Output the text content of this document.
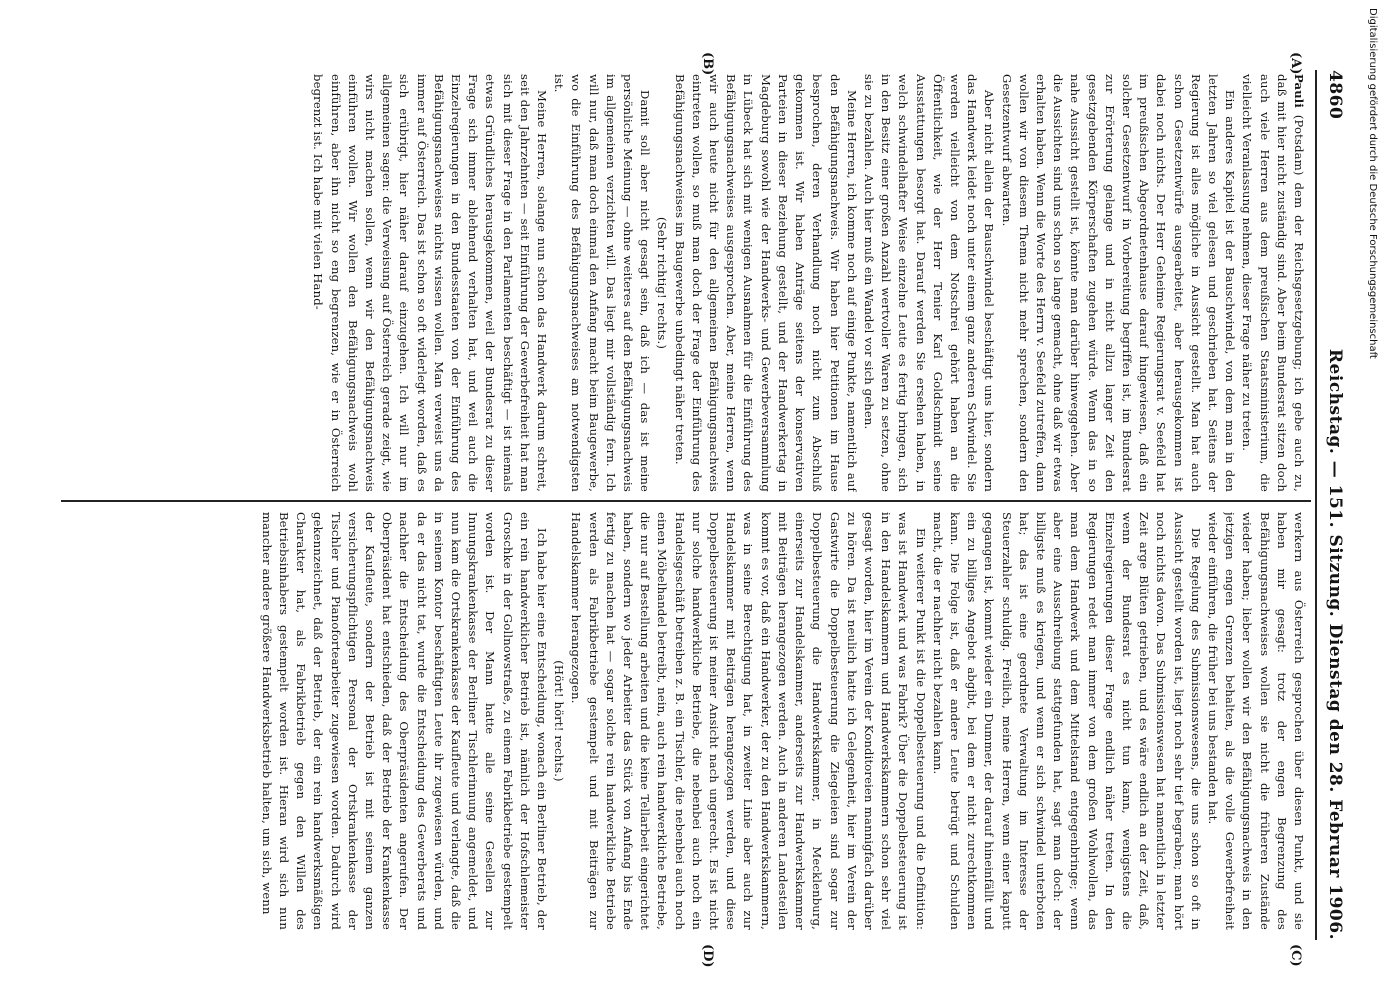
Digitalisierung gefördert durch die Deutsche Forschungsgemeinschaft
4860
Reichstag. — 151. Sitzung. Dienstag den 28. Februar 1906.
(A)
(B)
(C)
(D)

Pauli (Potsdam) dem der Reichsgesetzgebung; ich gebe auch zu, daß mit hier nicht zuständig sind. Aber beim Bundesrat sitzen doch auch viele Herren aus dem preußischen Staatsministerium, die vielleicht Veranlassung nehmen, dieser Frage näher zu treten.

Ein anderes Kapitel ist der Bauschwindel, von dem man in den letzten Jahren so viel gelesen und geschrieben hat. Seitens der Regierung ist alles mögliche in Aussicht gestellt. Man hat auch schon Gesetzentwürfe ausgearbeitet, aber herausgekommen ist dabei noch nichts. Der Herr Geheime Regierungsrat v. Seefeld hat im preußischen Abgeordnetenhause darauf hingewiesen, daß ein solcher Gesetzentwurf in Vorbereitung begriffen ist, im Bundesrat zur Erörterung gelange und in nicht allzu langer Zeit den gesetzgebenden Körperschaften zugehen würde. Wenn das in so nahe Aussicht gestellt ist, könnte man darüber hinweggehen. Aber die Aussichten sind uns schon so lange gemacht, ohne daß wir etwas erhalten haben. Wenn die Worte des Herrn v. Seefeld zutreffen, dann wollen wir von diesem Thema nicht mehr sprechen, sondern den Gesetzentwurf abwarten.

Aber nicht allein der Bauschwindel beschäftigt uns hier, sondern das Handwerk leidet noch unter einem ganz anderen Schwindel. Sie werden vielleicht von dem Notschrei gehört haben an die Öffentlichkeit, wie der Herr Tenier Karl Goldschmidt seine Ausstattungen besorgt hat. Darauf werden Sie ersehen haben, in welch schwindelhafter Weise einzelne Leute es fertig bringen, sich in den Besitz einer großen Anzahl wertvoller Waren zu setzen, ohne sie zu bezahlen. Auch hier muß ein Wandel vor sich gehen.

Meine Herren, ich komme noch auf einige Punkte, namentlich auf den Befähigungsnachweis. Wir haben hier Petitionen im Hause besprochen, deren Verhandlung noch nicht zum Abschluß gekommen ist. Wir haben Anträge seitens der konservativen Parteien in dieser Beziehung gestellt, und der Handwerkertag in Magdeburg sowohl wie der Handwerks- und Gewerbeversammlung in Lübeck hat sich mit wenigen Ausnahmen für die Einführung des Befähigungsnachweises ausgesprochen. Aber, meine Herren, wenn wir auch heute nicht für den allgemeinen Befähigungsnachweis eintreten wollen, so muß man doch der Frage der Einführung des Befähigungsnachweises im Baugewerbe unbedingt näher treten.

(Sehr richtig! rechts.)

Damit soll aber nicht gesagt sein, daß ich — das ist meine persönliche Meinung — ohne weiteres auf den Befähigungsnachweis im allgemeinen verzichten will. Das liegt mir vollständig fern. Ich will nur, daß man doch einmal den Anfang macht beim Baugewerbe, wo die Einführung des Befähigungsnachweises am notwendigsten ist.

Meine Herren, solange nun schon das Handwerk darum schreit, seit den Jahrzehnten — seit Einführung der Gewerbefreiheit hat man sich mit dieser Frage in den Parlamenten beschäftigt — ist niemals etwas Gründliches herausgekommen, weil der Bundesrat zu dieser Frage sich immer ablehnend verhalten hat, und weil auch die Einzelregierungen in den Bundesstaaten von der Einführung des Befähigungsnachweises nichts wissen wollen. Man verweist uns da immer auf Österreich. Das ist schon so oft widerlegt worden, daß es sich erübrigt, hier näher darauf einzugehen. Ich will nur im allgemeinen sagen: die Verweisung auf Österreich gerade zeigt, wie wirs nicht machen sollen, wenn wir den Befähigungsnachweis einführen wollen. Wir wollen den Befähigungsnachweis wohl einführen, aber ihn nicht so eng begrenzen, wie er in Österreich begrenzt ist. Ich habe mit vielen Hand-

werkern aus Österreich gesprochen über diesen Punkt, und sie haben mir gesagt: trotz der engen Begrenzung des Befähigungsnachweises wollen sie nicht die früheren Zustände wieder haben; lieber wollen wir den Befähigungsnachweis in den jetzigen engen Grenzen behalten, als die volle Gewerbefreiheit wieder einführen, die früher bei uns bestanden hat.

Die Regelung des Submissionswesens, die uns schon so oft in Aussicht gestellt worden ist, liegt noch sehr tief begraben; man hört noch nichts davon. Das Submissionswesen hat namentlich in letzter Zeit arge Blüten getrieben, und es wäre endlich an der Zeit, daß, wenn der Bundesrat es nicht tun kann, wenigstens die Einzelregierungen dieser Frage endlich näher treten. In den Regierungen redet man immer von dem großen Wohlwollen, das man dem Handwerk und dem Mittelstand entgegenbringe; wenn aber eine Ausschreibung stattgefunden hat, sagt man doch: der billigste muß es kriegen, und wenn er sich schwindel unterboten hat; das ist eine geordnete Verwaltung im Interesse der Steuerzahler schuldig. Freilich, meine Herren, wenn einer kaputt gegangen ist, kommt wieder ein Dummer, der darauf hineinfällt und ein zu billiges Angebot abgibt, bei dem er nicht zurechtkommen kann. Die Folge ist, daß er andere Leute betrügt und Schulden macht, die er nachher nicht bezahlen kann.

Ein weiterer Punkt ist die Doppelbesteuerung und die Definition: was ist Handwerk und was Fabrik? Über die Doppelbesteuerung ist in den Handelskammern und Handwerkskammern schon sehr viel gesagt worden, hier im Verein der Konditoreien mannigfach darüber zu hören. Da ist neulich hatte ich Gelegenheit, hier im Verein der Gastwirte die Doppelbesteuerung die Ziegeleien sind sogar zur Doppelbesteuerung die Handwerkskammer, in Mecklenburg, einerseits zur Handelskammer, anderseits zur Handwerkskammer mit Beiträgen herangezogen werden. Auch in anderen Landesteilen kommt es vor, daß ein Handwerker, der zu den Handwerkskammern, was in seine Berechtigung hat, in zweiter Linie aber auch zur Handelskammer mit Beiträgen herangezogen werden, und diese Doppelbesteuerung ist meiner Ansicht nach ungerecht. Es ist nicht nur solche handwerkliche Betriebe, die nebenbei auch noch ein Handelsgeschäft betreiben z. B. ein Tischler, die nebenbei auch noch einen Möbelhandel betreibt, nein, auch rein handwerkliche Betriebe, die nur auf Bestellung arbeiten und die keine Tellarbeit eingerichtet haben, sondern wo jeder Arbeiter das Stück von Anfang bis Ende fertig zu machen hat — sogar solche rein handwerkliche Betriebe werden als Fabrikbetriebe gestempelt und mit Beiträgen zur Handelskammer herangezogen.

(Hört! hört! rechts.)

Ich habe hier eine Entscheidung, wonach ein Berliner Betrieb, der ein rein handwerklicher Betrieb ist, nämlich der Hofschlemeister Groschke in der Gollnowstraße, zu einem Fabrikbetriebe gestempelt worden ist. Der Mann hatte alle seine Gesellen zur Innungskrankenkasse der Berliner Tischlerinnung angemeldet, und nun kam die Ortskrankenkasse der Kaufleute und verlangte, daß die in seinem Kontor beschäftigten Leute ihr zugewiesen würden, und da er das nicht tat, wurde die Entscheidung des Gewerberats und nachher die Entscheidung des Oberpräsidenten angerufen. Der Oberpräsident hat entschieden, daß der Betrieb der Krankenkasse der Kaufleute, sondern der Betrieb ist mit seinem ganzen versicherungspflichtigen Personal der Ortskrankenkasse der Tischler und Pianofortearbeiter zugewiesen worden. Dadurch wird gekennzeichnet, daß der Betrieb, der ein rein handwerksmäßigen Charakter hat, als Fabrikbetrieb gegen den Willen des Betriebsinhabers gestempelt worden ist. Hieran wird sich nun mancher andere größere Handwerksbetrieb halten, um sich, wenn
